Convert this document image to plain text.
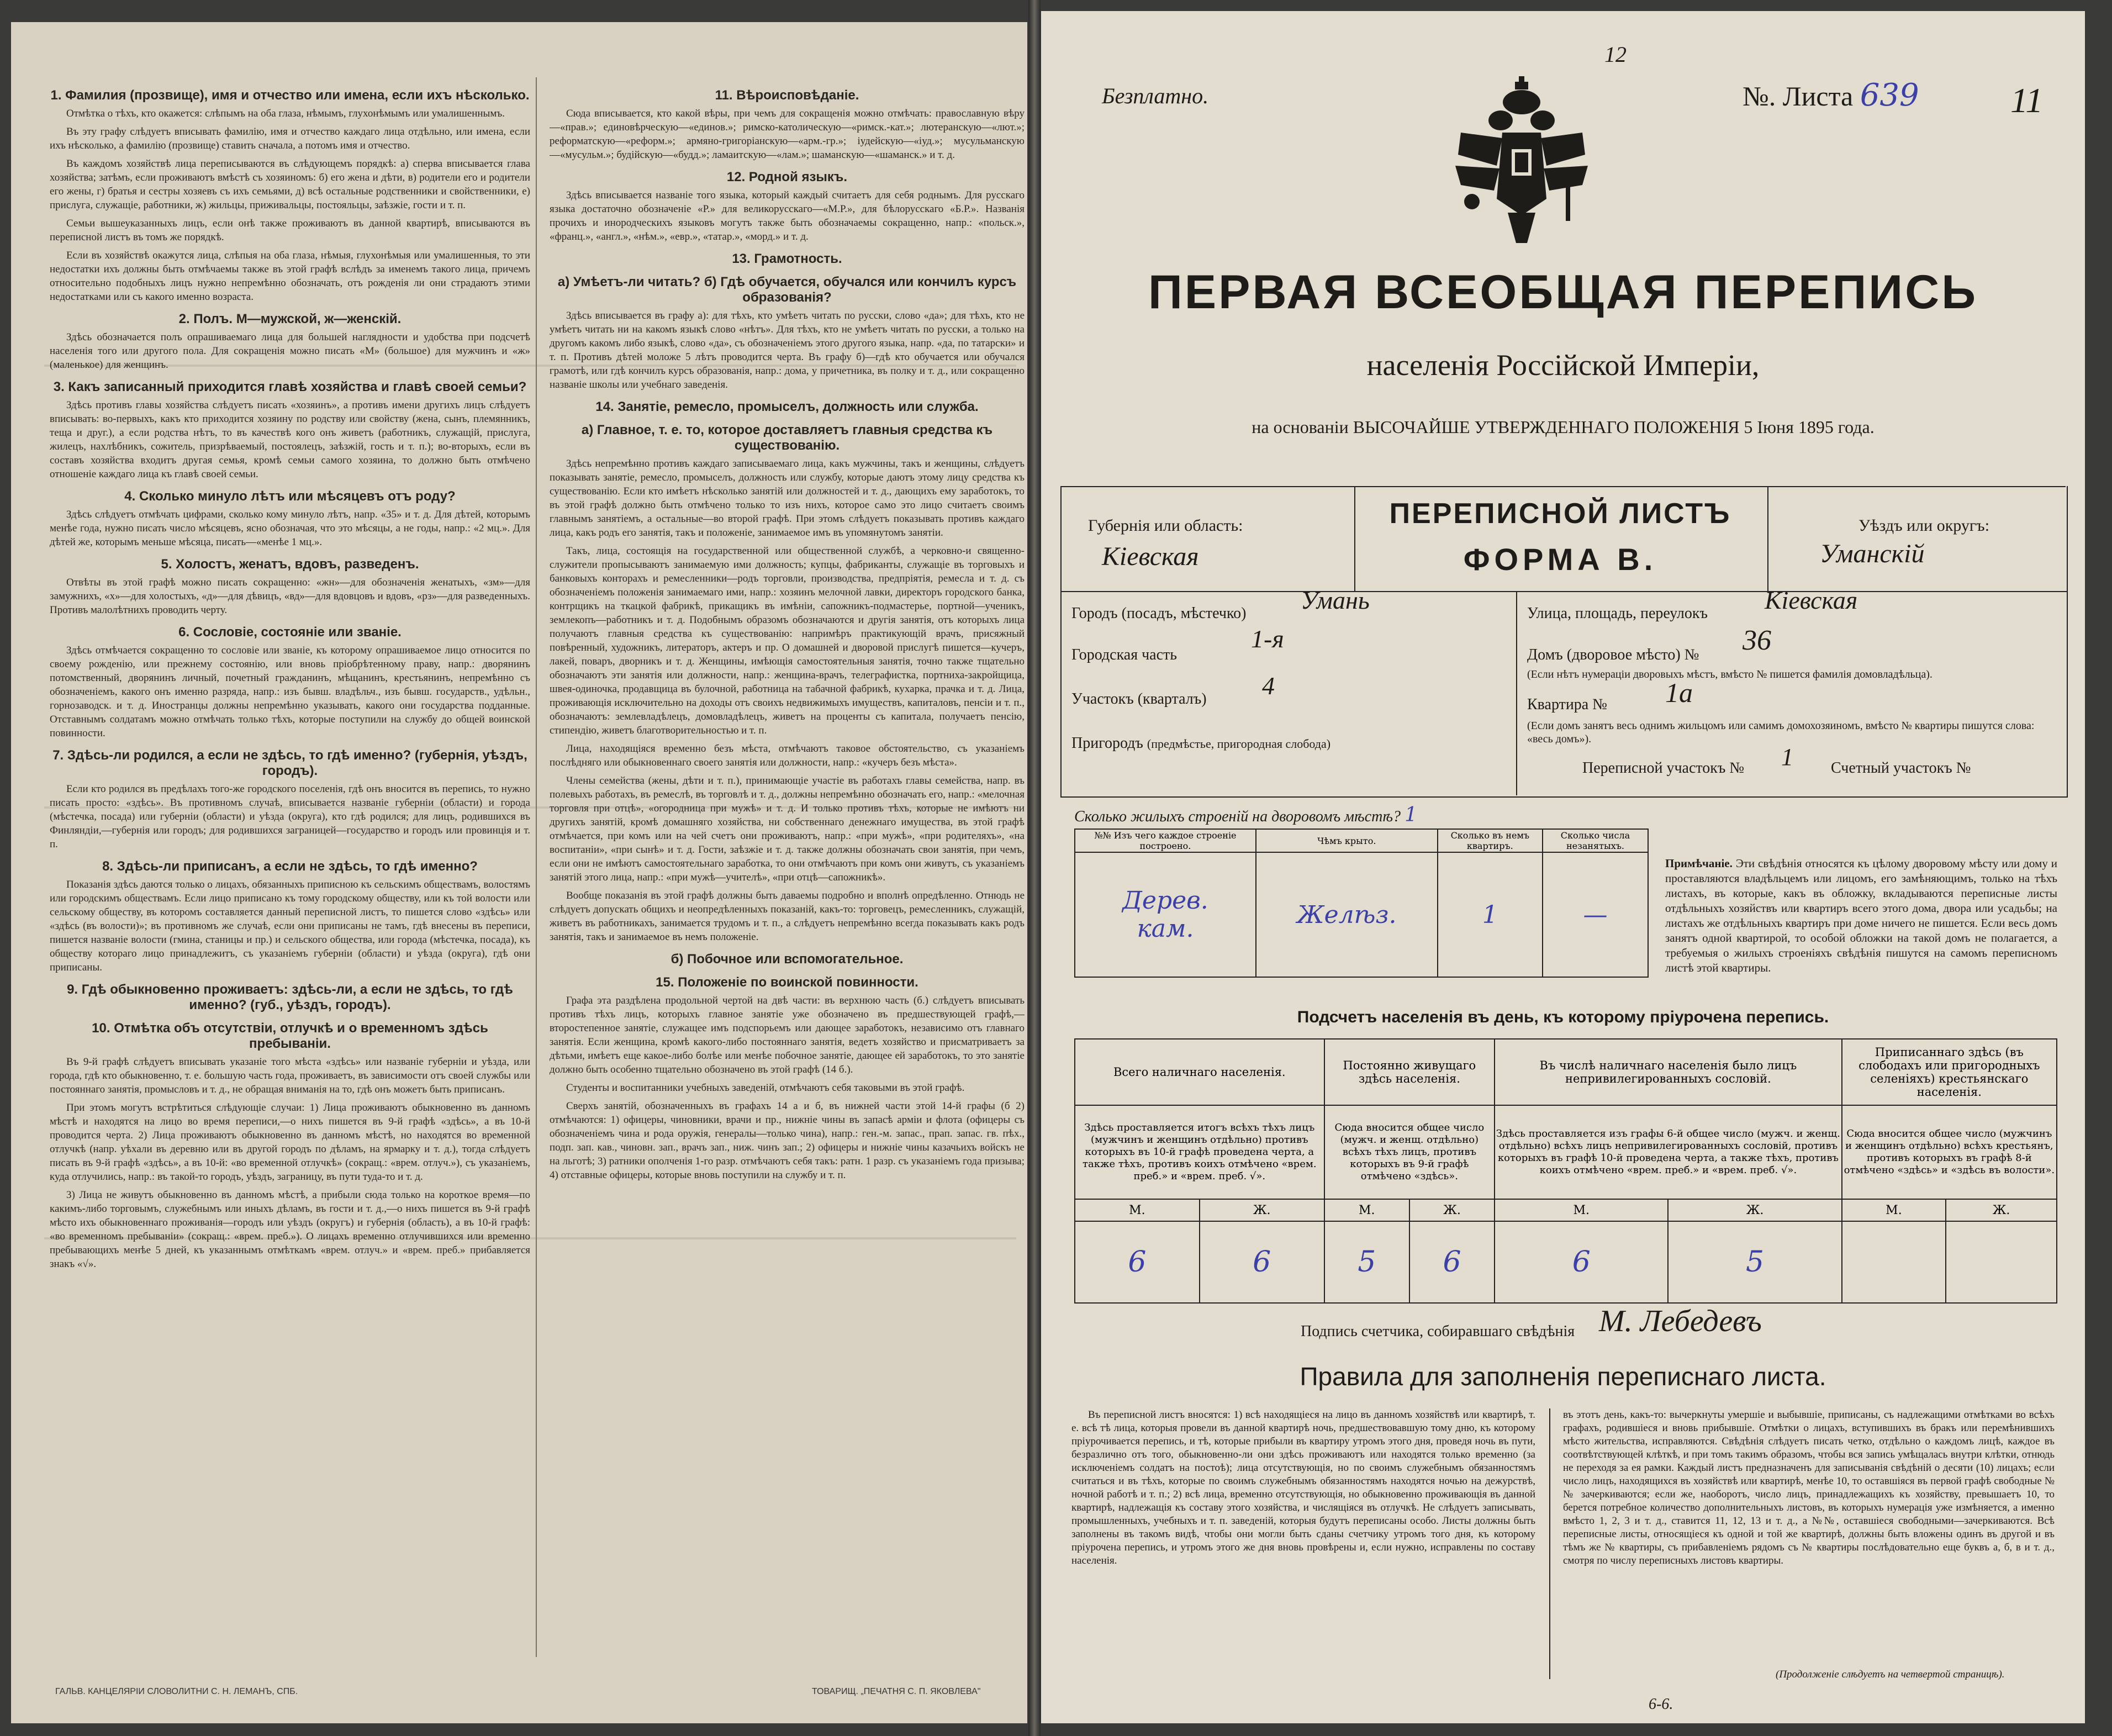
1. Фамилия (прозвище), имя и отчество или имена, если ихъ нѣсколько.

Отмѣтка о тѣхъ, кто окажется: слѣпымъ на оба глаза, нѣмымъ, глухонѣмымъ или умалишеннымъ.

Въ эту графу слѣдуетъ вписывать фамилію, имя и отчество каждаго лица отдѣльно, или имена, если ихъ нѣсколько, а фамилію (прозвище) ставить сначала, а потомъ имя и отчество.

Въ каждомъ хозяйствѣ лица переписываются въ слѣдующемъ порядкѣ: а) сперва вписывается глава хозяйства; затѣмъ, если проживаютъ вмѣстѣ съ хозяиномъ: б) его жена и дѣти, в) родители его и родители его жены, г) братья и сестры хозяевъ съ ихъ семьями, д) всѣ остальные родственники и свойственники, е) прислуга, служащіе, работники, ж) жильцы, приживальцы, постояльцы, заѣзжіе, гости и т. п.

Семьи вышеуказанныхъ лицъ, если онѣ также проживаютъ въ данной квартирѣ, вписываются въ переписной листъ въ томъ же порядкѣ.

Если въ хозяйствѣ окажутся лица, слѣпыя на оба глаза, нѣмыя, глухонѣмыя или умалишенныя, то эти недостатки ихъ должны быть отмѣчаемы также въ этой графѣ вслѣдъ за именемъ такого лица, причемъ относительно подобныхъ лицъ нужно непремѣнно обозначать, отъ рожденія ли они страдаютъ этими недостатками или съ какого именно возраста.

2. Полъ. М—мужской, ж—женскій.

Здѣсь обозначается полъ опрашиваемаго лица для большей наглядности и удобства при подсчетѣ населенія того или другого пола. Для сокращенія можно писать «М» (большое) для мужчинъ и «ж» (маленькое) для женщинъ.

3. Какъ записанный приходится главѣ хозяйства и главѣ своей семьи?

Здѣсь противъ главы хозяйства слѣдуетъ писать «хозяинъ», а противъ имени другихъ лицъ слѣдуетъ вписывать: во-первыхъ, какъ кто приходится хозяину по родству или свойству (жена, сынъ, племянникъ, теща и друг.), а если родства нѣтъ, то въ качествѣ кого онъ живетъ (работникъ, служащій, прислуга, жилецъ, нахлѣбникъ, сожитель, призрѣваемый, постоялецъ, заѣзжій, гость и т. п.); во-вторыхъ, если въ составъ хозяйства входитъ другая семья, кромѣ семьи самого хозяина, то должно быть отмѣчено отношеніе каждаго лица къ главѣ своей семьи.

4. Сколько минуло лѣтъ или мѣсяцевъ отъ роду?

Здѣсь слѣдуетъ отмѣчать цифрами, сколько кому минуло лѣтъ, напр. «35» и т. д. Для дѣтей, которымъ менѣе года, нужно писать число мѣсяцевъ, ясно обозначая, что это мѣсяцы, а не годы, напр.: «2 мц.». Для дѣтей же, которымъ меньше мѣсяца, писать—«менѣе 1 мц.».

5. Холостъ, женатъ, вдовъ, разведенъ.

Отвѣты въ этой графѣ можно писать сокращенно: «жн»—для обозначенія женатыхъ, «зм»—для замужнихъ, «х»—для холостыхъ, «д»—для дѣвицъ, «вд»—для вдовцовъ и вдовъ, «рз»—для разведенныхъ. Противъ малолѣтнихъ проводить черту.

6. Сословіе, состояніе или званіе.

Здѣсь отмѣчается сокращенно то сословіе или званіе, къ которому опрашиваемое лицо относится по своему рожденію, или прежнему состоянію, или вновь пріобрѣтенному праву, напр.: дворянинъ потомственный, дворянинъ личный, почетный гражданинъ, мѣщанинъ, крестьянинъ, непремѣнно съ обозначеніемъ, какого онъ именно разряда, напр.: изъ бывш. владѣльч., изъ бывш. государств., удѣльн., горнозаводск. и т. д. Иностранцы должны непремѣнно указывать, какого они государства подданные. Отставнымъ солдатамъ можно отмѣчать только тѣхъ, которые поступили на службу до общей воинской повинности.

7. Здѣсь-ли родился, а если не здѣсь, то гдѣ именно? (губернія, уѣздъ, городъ).

Если кто родился въ предѣлахъ того-же городского поселенія, гдѣ онъ вносится въ перепись, то нужно писать просто: «здѣсь». Въ противномъ случаѣ, вписывается названіе губерніи (области) и города (мѣстечка, посада) или губерніи (области) и уѣзда (округа), кто гдѣ родился; для лицъ, родившихся въ Финляндіи,—губернія или городъ; для родившихся заграницей—государство и городъ или провинція и т. п.

8. Здѣсь-ли приписанъ, а если не здѣсь, то гдѣ именно?

Показанія здѣсь даются только о лицахъ, обязанныхъ приписною къ сельскимъ обществамъ, волостямъ или городскимъ обществамъ. Если лицо приписано къ тому городскому обществу, или къ той волости или сельскому обществу, въ которомъ составляется данный переписной листъ, то пишется слово «здѣсь» или «здѣсь (въ волости)»; въ противномъ же случаѣ, если они приписаны не тамъ, гдѣ внесены въ переписи, пишется названіе волости (гмина, станицы и пр.) и сельского общества, или города (мѣстечка, посада), къ обществу котораго лицо принадлежитъ, съ указаніемъ губерніи (области) и уѣзда (округа), гдѣ они приписаны.

9. Гдѣ обыкновенно проживаетъ: здѣсь-ли, а если не здѣсь, то гдѣ именно? (губ., уѣздъ, городъ).
10. Отмѣтка объ отсутствіи, отлучкѣ и о временномъ здѣсь пребываніи.

Въ 9-й графѣ слѣдуетъ вписывать указаніе того мѣста «здѣсь» или названіе губерніи и уѣзда, или города, гдѣ кто обыкновенно, т. е. большую часть года, проживаетъ, въ зависимости отъ своей службы или постояннаго занятія, промысловъ и т. д., не обращая вниманія на то, гдѣ онъ можетъ быть приписанъ.

При этомъ могутъ встрѣтиться слѣдующіе случаи: 1) Лица проживаютъ обыкновенно въ данномъ мѣстѣ и находятся на лицо во время переписи,—о нихъ пишется въ 9-й графѣ «здѣсь», а въ 10-й проводится черта. 2) Лица проживаютъ обыкновенно въ данномъ мѣстѣ, но находятся во временной отлучкѣ (напр. уѣхали въ деревню или въ другой городъ по дѣламъ, на ярмарку и т. д.), тогда слѣдуетъ писать въ 9-й графѣ «здѣсь», а въ 10-й: «во временной отлучкѣ» (сокращ.: «врем. отлуч.»), съ указаніемъ, куда отлучились, напр.: въ такой-то городъ, уѣздъ, заграницу, въ пути туда-то и т. д.

3) Лица не живутъ обыкновенно въ данномъ мѣстѣ, а прибыли сюда только на короткое время—по какимъ-либо торговымъ, служебнымъ или иныхъ дѣламъ, въ гости и т. д.,—о нихъ пишется въ 9-й графѣ мѣсто ихъ обыкновеннаго проживанія—городъ или уѣздъ (округъ) и губернія (область), а въ 10-й графѣ: «во временномъ пребываніи» (сокращ.: «врем. преб.»). О лицахъ временно отлучившихся или временно пребывающихъ менѣе 5 дней, къ указаннымъ отмѣткамъ «врем. отлуч.» и «врем. преб.» прибавляется знакъ «√».

11. Вѣроисповѣданіе.

Сюда вписывается, кто какой вѣры, при чемъ для сокращенія можно отмѣчать: православную вѣру—«прав.»; единовѣрческую—«единов.»; римско-католическую—«римск.-кат.»; лютеранскую—«лют.»; реформатскую—«реформ.»; армяно-григоріанскую—«арм.-гр.»; іудейскую—«іуд.»; мусульманскую—«мусульм.»; будійскую—«будд.»; ламаитскую—«лам.»; шаманскую—«шаманск.» и т. д.

12. Родной языкъ.

Здѣсь вписывается названіе того языка, который каждый считаетъ для себя роднымъ. Для русскаго языка достаточно обозначеніе «Р.» для великорусскаго—«М.Р.», для бѣлорусскаго «Б.Р.». Названія прочихъ и инородческихъ языковъ могутъ также быть обозначаемы сокращенно, напр.: «польск.», «франц.», «англ.», «нѣм.», «евр.», «татар.», «морд.» и т. д.

13. Грамотность.
а) Умѣетъ-ли читать? б) Гдѣ обучается, обучался или кончилъ курсъ образованія?

Здѣсь вписывается въ графу а): для тѣхъ, кто умѣетъ читать по русски, слово «да»; для тѣхъ, кто не умѣетъ читать ни на какомъ языкѣ слово «нѣтъ». Для тѣхъ, кто не умѣетъ читать по русски, а только на другомъ какомъ либо языкѣ, слово «да», съ обозначеніемъ этого другого языка, напр. «да, по татарски» и т. п. Противъ дѣтей моложе 5 лѣтъ проводится черта. Въ графу б)—гдѣ кто обучается или обучался грамотѣ, или гдѣ кончилъ курсъ образованія, напр.: дома, у причетника, въ полку и т. д., или сокращенно названіе школы или учебнаго заведенія.

14. Занятіе, ремесло, промыселъ, должность или служба.
а) Главное, т. е. то, которое доставляетъ главныя средства къ существованію.

Здѣсь непремѣнно противъ каждаго записываемаго лица, какъ мужчины, такъ и женщины, слѣдуетъ показывать занятіе, ремесло, промыселъ, должность или службу, которые даютъ этому лицу средства къ существованію. Если кто имѣетъ нѣсколько занятій или должностей и т. д., дающихъ ему заработокъ, то въ этой графѣ должно быть отмѣчено только то изъ нихъ, которое само это лицо считаетъ своимъ главнымъ занятіемъ, а остальные—во второй графѣ. При этомъ слѣдуетъ показывать противъ каждаго лица, какъ родъ его занятія, такъ и положеніе, занимаемое имъ въ упомянутомъ занятіи.

Такъ, лица, состоящія на государственной или общественной службѣ, а черковно-и священно-служители пропысываютъ занимаемую ими должность; купцы, фабриканты, служащіе въ торговыхъ и банковыхъ конторахъ и ремесленники—родъ торговли, производства, предпріятія, ремесла и т. д. съ обозначеніемъ положенія занимаемаго ими, напр.: хозяинъ мелочной лавки, директоръ городского банка, контрщикъ на ткацкой фабрикѣ, прикащикъ въ имѣніи, сапожникъ-подмастерье, портной—ученикъ, землекопъ—работникъ и т. д. Подобнымъ образомъ обозначаются и другія занятія, отъ которыхъ лица получаютъ главныя средства къ существованію: напримѣръ практикующій врачъ, присяжный повѣренный, художникъ, литераторъ, актеръ и пр. О домашней и дворовой прислугѣ пишется—кучеръ, лакей, поваръ, дворникъ и т. д. Женщины, имѣющія самостоятельныя занятія, точно также тщательно обозначаютъ эти занятія или должности, напр.: женщина-врачъ, телеграфистка, портниха-закройщица, швея-одиночка, продавщица въ булочной, работница на табачной фабрикѣ, кухарка, прачка и т. д. Лица, проживающія исключительно на доходы отъ своихъ недвижимыхъ имуществъ, капиталовъ, пенсіи и т. п., обозначаютъ: землевладѣлецъ, домовладѣлецъ, живетъ на проценты съ капитала, получаетъ пенсію, стипендію, живетъ благотворительностью и т. п.

Лица, находящіяся временно безъ мѣста, отмѣчаютъ таковое обстоятельство, съ указаніемъ послѣдняго или обыкновеннаго своего занятія или должности, напр.: «кучеръ безъ мѣста».

Члены семейства (жены, дѣти и т. п.), принимающіе участіе въ работахъ главы семейства, напр. въ полевыхъ работахъ, въ ремеслѣ, въ торговлѣ и т. д., должны непремѣнно обозначать его, напр.: «мелочная торговля при отцѣ», «огородница при мужѣ» и т. д. И только противъ тѣхъ, которые не имѣютъ ни другихъ занятій, кромѣ домашняго хозяйства, ни собственнаго денежнаго имущества, въ этой графѣ отмѣчается, при комъ или на чей счетъ они проживаютъ, напр.: «при мужѣ», «при родителяхъ», «на воспитаніи», «при сынѣ» и т. д. Гости, заѣзжіе и т. д. также должны обозначать свои занятія, при чемъ, если они не имѣютъ самостоятельнаго заработка, то они отмѣчаютъ при комъ они живутъ, съ указаніемъ занятій этого лица, напр.: «при мужѣ—учителѣ», «при отцѣ—сапожникѣ».

Вообще показанія въ этой графѣ должны быть даваемы подробно и вполнѣ опредѣленно. Отнюдь не слѣдуетъ допускать общихъ и неопредѣленныхъ показаній, какъ-то: торговецъ, ремесленникъ, служащій, живетъ въ работникахъ, занимается трудомъ и т. п., а слѣдуетъ непремѣнно всегда показывать какъ родъ занятія, такъ и занимаемое въ немъ положеніе.

б) Побочное или вспомогательное.
15. Положеніе по воинской повинности.

Графа эта раздѣлена продольной чертой на двѣ части: въ верхнюю часть (б.) слѣдуетъ вписывать противъ тѣхъ лицъ, которыхъ главное занятіе уже обозначено въ предшествующей графѣ,—второстепенное занятіе, служащее имъ подспорьемъ или дающее заработокъ, независимо отъ главнаго занятія. Если женщина, кромѣ какого-либо постояннаго занятія, ведетъ хозяйство и присматриваетъ за дѣтьми, имѣетъ еще какое-либо болѣе или менѣе побочное занятіе, дающее ей заработокъ, то это занятіе должно быть особенно тщательно обозначено въ этой графѣ (14 б.).

Студенты и воспитанники учебныхъ заведеній, отмѣчаютъ себя таковыми въ этой графѣ.

Сверхъ занятій, обозначенныхъ въ графахъ 14 а и б, въ нижней части этой 14-й графы (б 2) отмѣчаются: 1) офицеры, чиновники, врачи и пр., нижніе чины въ запасѣ арміи и флота (офицеры съ обозначеніемъ чина и рода оружія, генералы—только чина), напр.: ген.-м. запас., прап. запас. гв. пѣх., подп. зап. кав., чиновн. зап., врачъ зап., ниж. чинъ зап.; 2) офицеры и нижніе чины казачьихъ войскъ не на льготѣ; 3) ратники ополченія 1-го разр. отмѣчаютъ себя такъ: ратн. 1 разр. съ указаніемъ года призыва; 4) отставные офицеры, которые вновь поступили на службу и т. п.

ГАЛЬВ. КАНЦЕЛЯРІИ СЛОВОЛИТНИ С. Н. ЛЕМАНЪ, СПБ.	ТОВАРИЩ. „ПЕЧАТНЯ С. П. ЯКОВЛЕВА"
12
Безплатно.	№. Листа 639	11
ПЕРВАЯ ВСЕОБЩАЯ ПЕРЕПИСЬ
населенія Россійской Имперіи,
на основаніи ВЫСОЧАЙШЕ УТВЕРЖДЕННАГО ПОЛОЖЕНІЯ 5 Іюня 1895 года.
Губернія или область:
Кіевская
ПЕРЕПИСНОЙ ЛИСТЪ
ФОРМА В.
Уѣздъ или округъ:
Уманскій
Городъ (посадъ, мѣстечко) Умань
Городская часть
1-я
Участокъ (кварталъ) 4
Пригородъ (предмѣстье, пригородная слобода)
Улица, площадь, переулокъ Кіевская
Домъ (дворовое мѣсто) № 36
(Если нѣтъ нумераціи дворовыхъ мѣстъ, вмѣсто № пишется фамилія домовладѣльца).
Квартира № 1а
(Если домъ занятъ весь однимъ жильцомъ или самимъ домохозяиномъ, вмѣсто № квартиры пишутся слова: «весь домъ»).
Переписной участокъ № 1 Счетный участокъ №
Сколько жилыхъ строеній на дворовомъ мѣстѣ? 1
№№ Изъ чего каждое строеніе построено.	Чѣмъ крыто.	Сколько въ немъ квартиръ.	Сколько числа незанятыхъ.
Дерев.
кам.	Желѣз.	1	—
Примѣчаніе. Эти свѣдѣнія относятся къ цѣлому дворовому мѣсту или дому и проставляются владѣльцемъ или лицомъ, его замѣняющимъ, только на тѣхъ листахъ, въ которые, какъ въ обложку, вкладываются переписные листы отдѣльныхъ хозяйствъ или квартиръ всего этого дома, двора или усадьбы; на листахъ же отдѣльныхъ квартиръ при доме ничего не пишется. Если весь домъ занятъ одной квартирой, то особой обложки на такой домъ не полагается, а требуемыя о жилыхъ строеніяхъ свѣдѣнія пишутся на самомъ переписномъ листѣ этой квартиры.
Подсчетъ населенія въ день, къ которому пріурочена перепись.
Всего наличнаго населенія.		Постоянно живущаго здѣсь населенія.		Въ числѣ наличнаго населенія было лицъ непривилегированныхъ сословій.		Приписаннаго здѣсь (въ слободахъ или пригородныхъ селеніяхъ) крестьянскаго населенія.	
Здѣсь проставляется итогъ всѣхъ тѣхъ лицъ (мужчинъ и женщинъ отдѣльно) противъ которыхъ въ 10-й графѣ проведена черта, а также тѣхъ, противъ коихъ отмѣчено «врем. преб.» и «врем. преб. √».		Сюда вносится общее число (мужч. и женщ. отдѣльно) всѣхъ тѣхъ лицъ, противъ которыхъ въ 9-й графѣ отмѣчено «здѣсь».		Здѣсь проставляется изъ графы 6-й общее число (мужч. и женщ. отдѣльно) всѣхъ лицъ непривилегированныхъ сословій, противъ которыхъ въ графѣ 10-й проведена черта, а также тѣхъ, противъ коихъ отмѣчено «врем. преб.» и «врем. преб. √».		Сюда вносится общее число (мужчинъ и женщинъ отдѣльно) всѣхъ крестьянъ, противъ которыхъ въ графѣ 8-й отмѣчено «здѣсь» и «здѣсь въ волости».	
М.	Ж.	М.	Ж.	М.	Ж.	М.	Ж.
6	6	5	6	6	5		
Подпись счетчика, собиравшаго свѣдѣнія М. Лебедевъ
Правила для заполненія переписнаго листа.
Въ переписной листъ вносятся: 1) всѣ находящіеся на лицо въ данномъ хозяйствѣ или квартирѣ, т. е. всѣ тѣ лица, которыя провели въ данной квартирѣ ночь, предшествовавшую тому дню, къ которому пріурочивается перепись, и тѣ, которые прибыли въ квартиру утромъ этого дня, проведя ночь въ пути, безразлично отъ того, обыкновенно-ли они здѣсь проживаютъ или находятся только временно (за исключеніемъ солдатъ на постоѣ); лица отсутствующія, но по своимъ служебнымъ обязанностямъ считаться и въ тѣхъ, которые по своимъ служебнымъ обязанностямъ находятся ночью на дежурствѣ, ночной работѣ и т. п.; 2) всѣ лица, временно отсутствующія, но обыкновенно проживающія въ данной квартирѣ, надлежащія къ составу этого хозяйства, и числящіяся въ отлучкѣ. Не слѣдуетъ записывать, промышленныхъ, учебныхъ и т. п. заведеній, которыя будутъ переписаны особо. Листы должны быть заполнены въ такомъ видѣ, чтобы они могли быть сданы счетчику утромъ того дня, къ которому пріурочена перепись, и утромъ этого же дня вновь провѣрены и, если нужно, исправлены по составу населенія.
въ этотъ день, какъ-то: вычеркнуты умершіе и выбывшіе, приписаны, съ надлежащими отмѣтками во всѣхъ графахъ, родившіеся и вновь прибывшіе. Отмѣтки о лицахъ, вступившихъ въ бракъ или перемѣнившихъ мѣсто жительства, исправляются. Свѣдѣнія слѣдуетъ писать четко, отдѣльно о каждомъ лицѣ, каждое въ соотвѣтствующей клѣткѣ, и при томъ такимъ образомъ, чтобы вся запись умѣщалась внутри клѣтки, отнюдь не переходя за ея рамки. Каждый листъ предназначенъ для записыванія свѣдѣній о десяти (10) лицахъ; если число лицъ, находящихся въ хозяйствѣ или квартирѣ, менѣе 10, то оставшіяся въ первой графѣ свободные №№ зачеркиваются; если же, наоборотъ, число лицъ, принадлежащихъ къ хозяйству, превышаетъ 10, то берется потребное количество дополнительныхъ листовъ, въ которыхъ нумерація уже измѣняется, а именно вмѣсто 1, 2, 3 и т. д., ставится 11, 12, 13 и т. д., а №№, оставшіеся свободными—зачеркиваются. Всѣ переписные листы, относящіеся къ одной и той же квартирѣ, должны быть вложены одинъ въ другой и въ тѣмъ же № квартиры, съ прибавленіемъ рядомъ съ № квартиры послѣдовательно еще буквъ а, б, в и т. д., смотря по числу переписныхъ листовъ квартиры.
(Продолженіе слѣдуетъ на четвертой страницѣ).
6-6.
